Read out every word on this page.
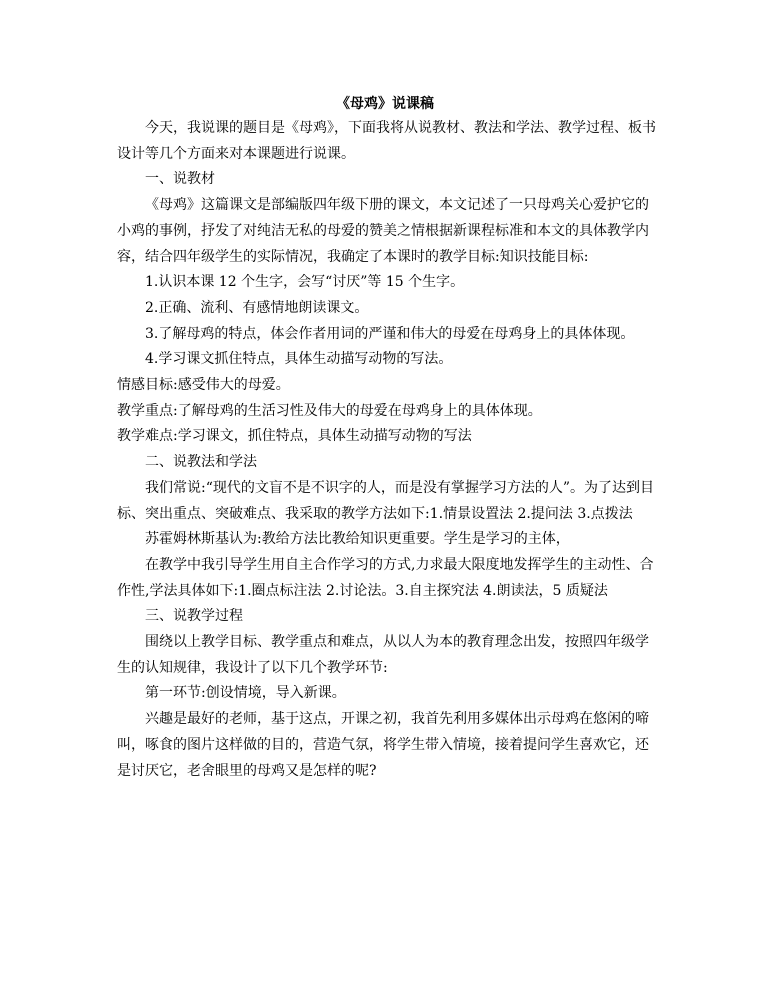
《母鸡》说课稿

今天，我说课的题目是《母鸡》，下面我将从说教材、教法和学法、教学过程、板书设计等几个方面来对本课题进行说课。

一、说教材

《母鸡》这篇课文是部编版四年级下册的课文，本文记述了一只母鸡关心爱护它的小鸡的事例，抒发了对纯洁无私的母爱的赞美之情根据新课程标准和本文的具体教学内容，结合四年级学生的实际情况，我确定了本课时的教学目标:知识技能目标:

1.认识本课 12 个生字，会写“讨厌”等 15 个生字。

2.正确、流利、有感情地朗读课文。

3.了解母鸡的特点，体会作者用词的严谨和伟大的母爱在母鸡身上的具体体现。

4.学习课文抓住特点，具体生动描写动物的写法。

情感目标:感受伟大的母爱。

教学重点:了解母鸡的生活习性及伟大的母爱在母鸡身上的具体体现。

教学难点:学习课文，抓住特点，具体生动描写动物的写法

二、说教法和学法

我们常说:“现代的文盲不是不识字的人，而是没有掌握学习方法的人”。为了达到目标、突出重点、突破难点、我采取的教学方法如下:1.情景设置法 2.提问法 3.点拨法

苏霍姆林斯基认为:教给方法比教给知识更重要。学生是学习的主体，

在教学中我引导学生用自主合作学习的方式,力求最大限度地发挥学生的主动性、合作性,学法具体如下:1.圈点标注法 2.讨论法。3.自主探究法 4.朗读法，5 质疑法

三、说教学过程

围绕以上教学目标、教学重点和难点，从以人为本的教育理念出发，按照四年级学生的认知规律，我设计了以下几个教学环节:

第一环节:创设情境，导入新课。

兴趣是最好的老师，基于这点，开课之初，我首先利用多媒体出示母鸡在悠闲的啼叫，啄食的图片这样做的目的，营造气氛，将学生带入情境，接着提问学生喜欢它，还是讨厌它，老舍眼里的母鸡又是怎样的呢?
